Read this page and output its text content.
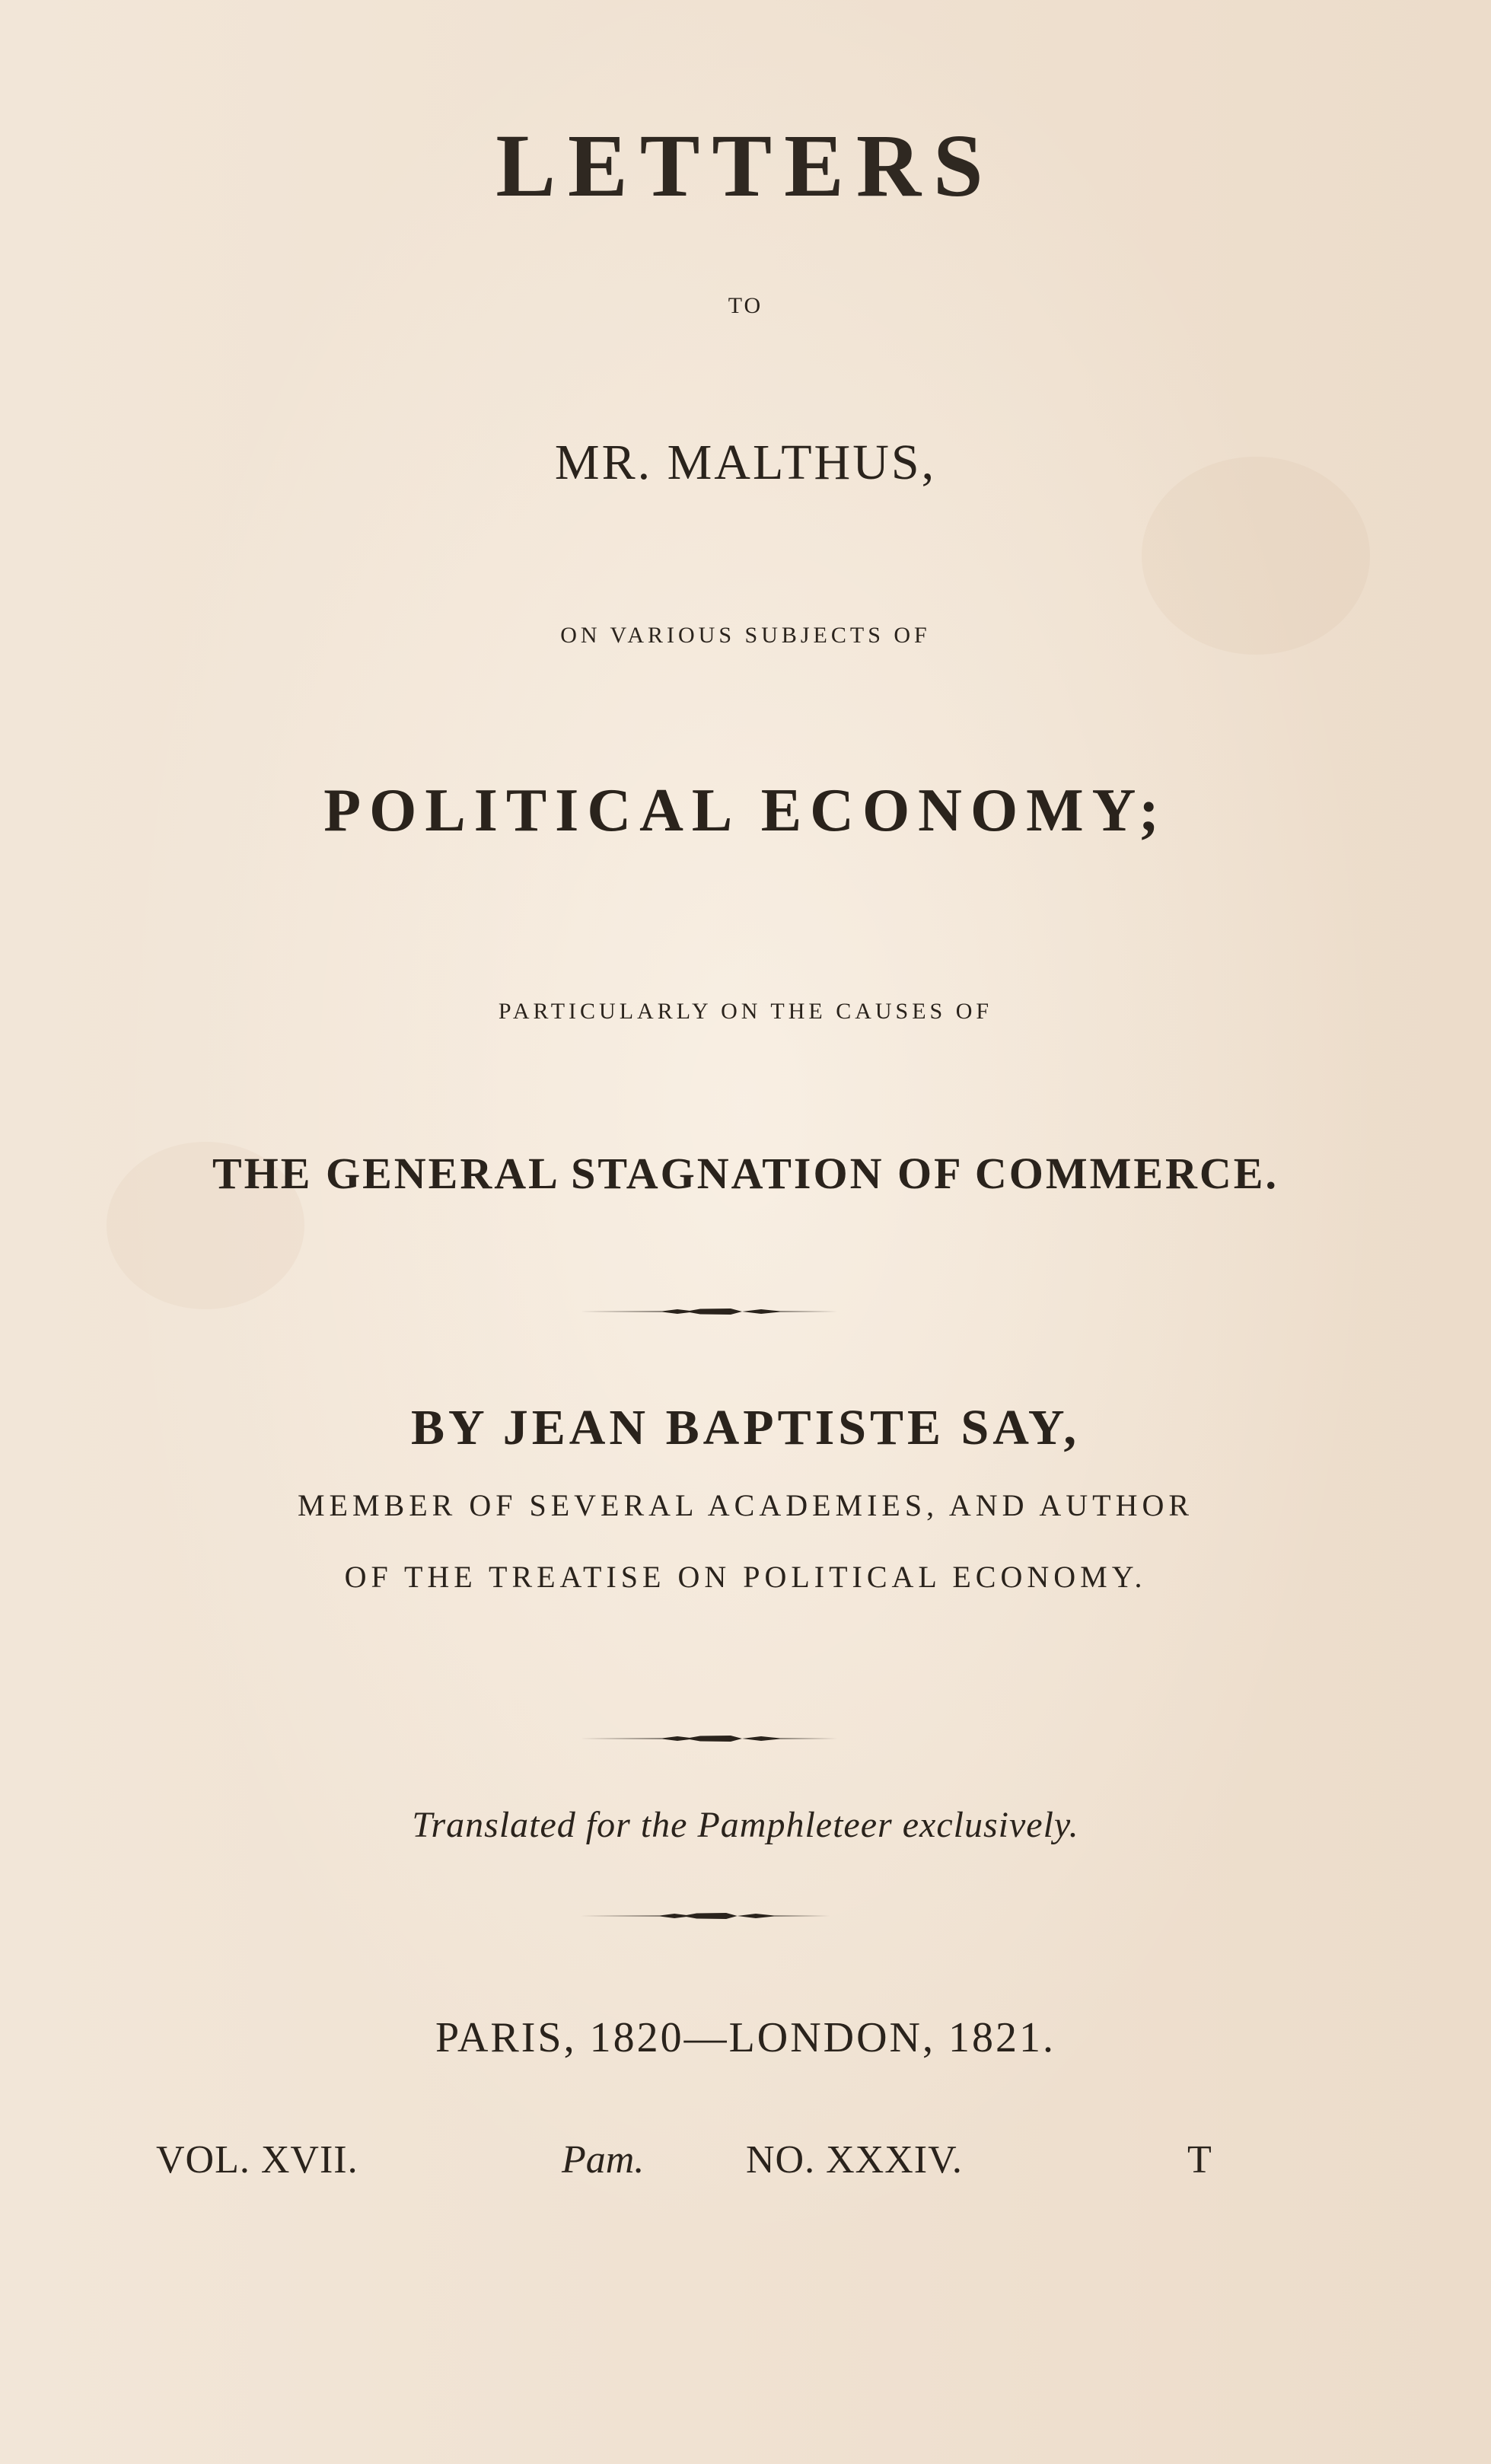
LETTERS
TO
MR. MALTHUS,
ON VARIOUS SUBJECTS OF
POLITICAL ECONOMY;
PARTICULARLY ON THE CAUSES OF
THE GENERAL STAGNATION OF COMMERCE.
BY JEAN BAPTISTE SAY,
MEMBER OF SEVERAL ACADEMIES, AND AUTHOR
OF THE TREATISE ON POLITICAL ECONOMY.
Translated for the Pamphleteer exclusively.
PARIS, 1820—LONDON, 1821.
VOL. XVII.	Pam.	NO. XXXIV.	T
